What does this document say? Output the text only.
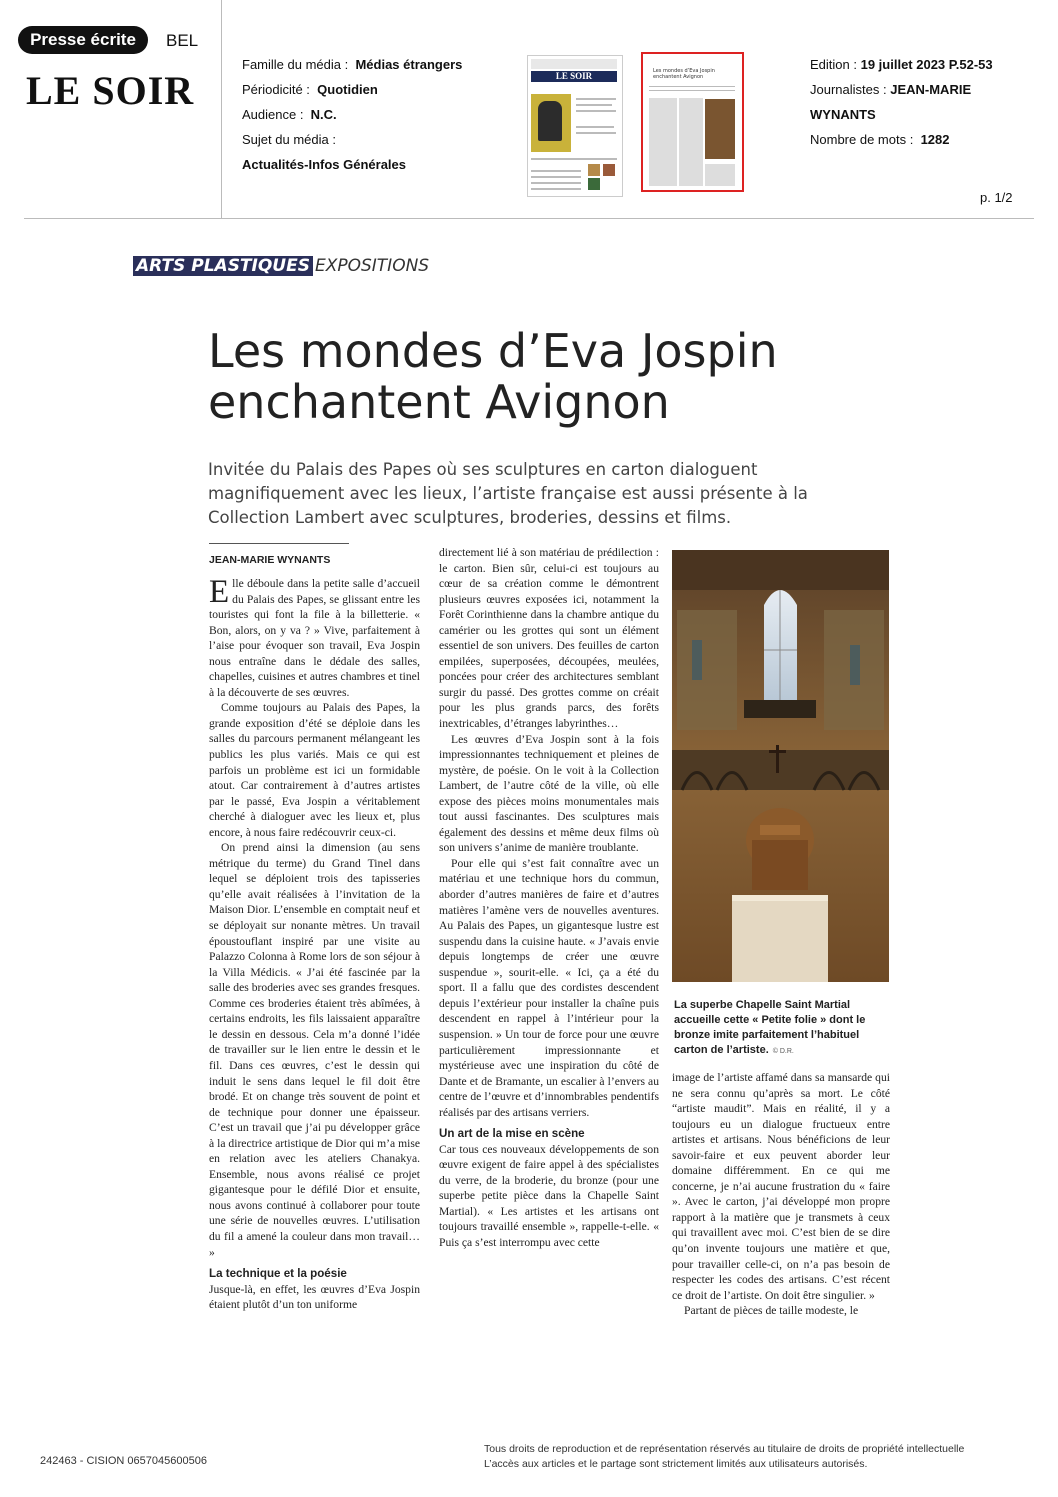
Presse écrite	BEL
LE SOIR
Famille du média : Médias étrangers
Périodicité : Quotidien
Audience : N.C.
Sujet du média :
Actualités-Infos Générales
LE SOIR	Les mondes d’Eva Jospin enchantent Avignon
Edition : 19 juillet 2023 P.52-53
Journalistes : JEAN-MARIE
WYNANTS
Nombre de mots : 1282
p. 1/2
ARTS PLASTIQUES EXPOSITIONS
Les mondes d’Eva Jospin
enchantent Avignon
Invitée du Palais des Papes où ses sculptures en carton dialoguent magnifiquement avec les lieux, l’artiste française est aussi présente à la Collection Lambert avec sculptures, broderies, dessins et films.
JEAN-MARIE WYNANTS

Elle déboule dans la petite salle d’accueil du Palais des Papes, se glissant entre les touristes qui font la file à la billetterie. « Bon, alors, on y va ? » Vive, parfaitement à l’aise pour évoquer son travail, Eva Jospin nous entraîne dans le dédale des salles, chapelles, cuisines et autres chambres et tinel à la découverte de ses œuvres.

Comme toujours au Palais des Papes, la grande exposition d’été se déploie dans les salles du parcours permanent mélangeant les publics les plus variés. Mais ce qui est parfois un problème est ici un formidable atout. Car contrairement à d’autres artistes par le passé, Eva Jospin a véritablement cherché à dialoguer avec les lieux et, plus encore, à nous faire redécouvrir ceux-ci.

On prend ainsi la dimension (au sens métrique du terme) du Grand Tinel dans lequel se déploient trois des tapisseries qu’elle avait réalisées à l’invitation de la Maison Dior. L’ensemble en comptait neuf et se déployait sur nonante mètres. Un travail époustouflant inspiré par une visite au Palazzo Colonna à Rome lors de son séjour à la Villa Médicis. « J’ai été fascinée par la salle des broderies avec ses grandes fresques. Comme ces broderies étaient très abîmées, à certains endroits, les fils laissaient apparaître le dessin en dessous. Cela m’a donné l’idée de travailler sur le lien entre le dessin et le fil. Dans ces œuvres, c’est le dessin qui induit le sens dans lequel le fil doit être brodé. Et on change très souvent de point et de technique pour donner une épaisseur. C’est un travail que j’ai pu développer grâce à la directrice artistique de Dior qui m’a mise en relation avec les ateliers Chanakya. Ensemble, nous avons réalisé ce projet gigantesque pour le défilé Dior et ensuite, nous avons continué à collaborer pour toute une série de nouvelles œuvres. L’utilisation du fil a amené la couleur dans mon travail… »

La technique et la poésie

Jusque-là, en effet, les œuvres d’Eva Jospin étaient plutôt d’un ton uniforme

directement lié à son matériau de prédilection : le carton. Bien sûr, celui-ci est toujours au cœur de sa création comme le démontrent plusieurs œuvres exposées ici, notamment la Forêt Corinthienne dans la chambre antique du camérier ou les grottes qui sont un élément essentiel de son univers. Des feuilles de carton empilées, superposées, découpées, meulées, poncées pour créer des architectures semblant surgir du passé. Des grottes comme on créait pour les plus grands parcs, des forêts inextricables, d’étranges labyrinthes…

Les œuvres d’Eva Jospin sont à la fois impressionnantes techniquement et pleines de mystère, de poésie. On le voit à la Collection Lambert, de l’autre côté de la ville, où elle expose des pièces moins monumentales mais tout aussi fascinantes. Des sculptures mais également des dessins et même deux films où son univers s’anime de manière troublante.

Pour elle qui s’est fait connaître avec un matériau et une technique hors du commun, aborder d’autres manières de faire et d’autres matières l’amène vers de nouvelles aventures. Au Palais des Papes, un gigantesque lustre est suspendu dans la cuisine haute. « J’avais envie depuis longtemps de créer une œuvre suspendue », sourit-elle. « Ici, ça a été du sport. Il a fallu que des cordistes descendent depuis l’extérieur pour installer la chaîne puis descendent en rappel à l’intérieur pour la suspension. » Un tour de force pour une œuvre particulièrement impressionnante et mystérieuse avec une inspiration du côté de Dante et de Bramante, un escalier à l’envers au centre de l’œuvre et d’innombrables pendentifs réalisés par des artisans verriers.

Un art de la mise en scène

Car tous ces nouveaux développements de son œuvre exigent de faire appel à des spécialistes du verre, de la broderie, du bronze (pour une superbe petite pièce dans la Chapelle Saint Martial). « Les artistes et les artisans ont toujours travaillé ensemble », rappelle-t-elle. « Puis ça s’est interrompu avec cette

La superbe Chapelle Saint Martial accueille cette « Petite folie » dont le bronze imite parfaitement l’habituel carton de l’artiste. © D.R.

image de l’artiste affamé dans sa mansarde qui ne sera connu qu’après sa mort. Le côté “artiste maudit”. Mais en réalité, il y a toujours eu un dialogue fructueux entre artistes et artisans. Nous bénéficions de leur savoir-faire et eux peuvent aborder leur domaine différemment. En ce qui me concerne, je n’ai aucune frustration du « faire ». Avec le carton, j’ai développé mon propre rapport à la matière que je transmets à ceux qui travaillent avec moi. C’est bien de se dire qu’on invente toujours une matière et que, pour travailler celle-ci, on n’a pas besoin de respecter les codes des artisans. C’est récent ce droit de l’artiste. On doit être singulier. »

Partant de pièces de taille modeste, le

242463 - CISION 0657045600506
Tous droits de reproduction et de représentation réservés au titulaire de droits de propriété intellectuelle
L’accès aux articles et le partage sont strictement limités aux utilisateurs autorisés.
